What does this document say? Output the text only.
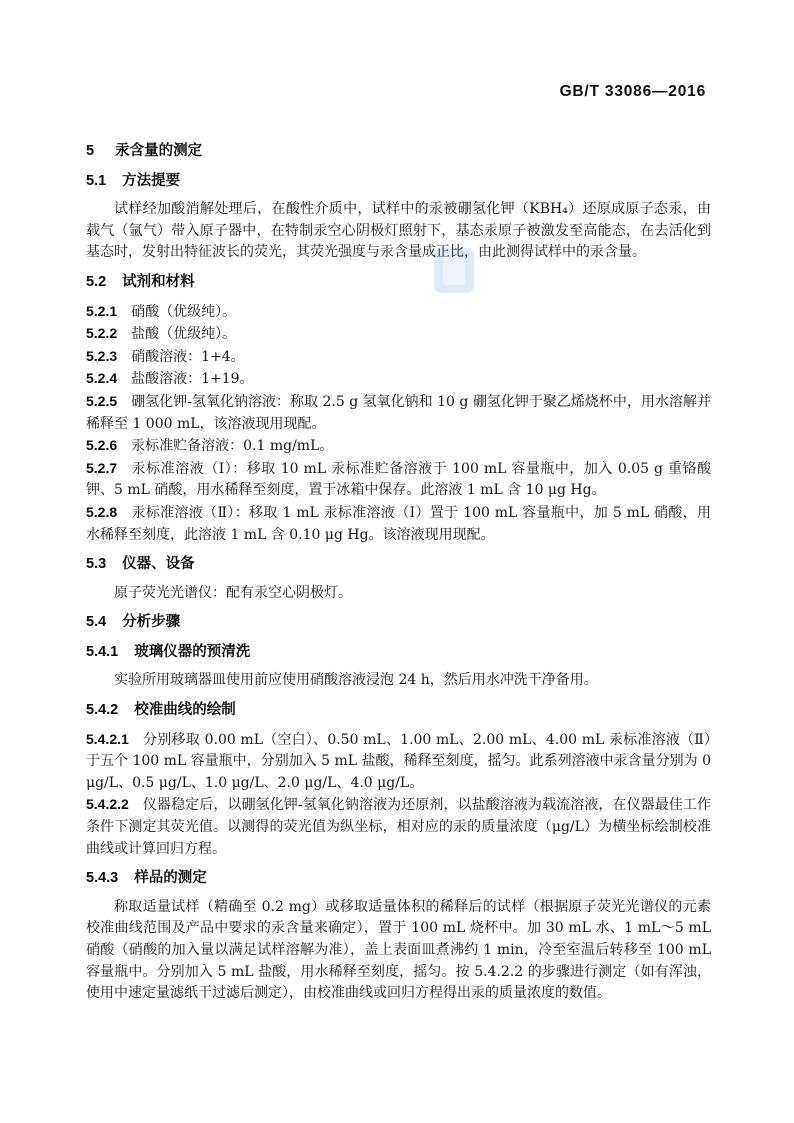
GB/T 33086—2016

5 汞含量的测定

5.1 方法提要

试样经加酸消解处理后，在酸性介质中，试样中的汞被硼氢化钾（KBH₄）还原成原子态汞，由载气（氩气）带入原子器中，在特制汞空心阴极灯照射下，基态汞原子被激发至高能态，在去活化到基态时，发射出特征波长的荧光，其荧光强度与汞含量成正比，由此测得试样中的汞含量。

5.2 试剂和材料

5.2.1 硝酸（优级纯）。

5.2.2 盐酸（优级纯）。

5.2.3 硝酸溶液：1+4。

5.2.4 盐酸溶液：1+19。

5.2.5 硼氢化钾-氢氧化钠溶液：称取 2.5 g 氢氧化钠和 10 g 硼氢化钾于聚乙烯烧杯中，用水溶解并稀释至 1 000 mL，该溶液现用现配。

5.2.6 汞标准贮备溶液：0.1 mg/mL。

5.2.7 汞标准溶液（Ⅰ）：移取 10 mL 汞标准贮备溶液于 100 mL 容量瓶中，加入 0.05 g 重铬酸钾、5 mL 硝酸，用水稀释至刻度，置于冰箱中保存。此溶液 1 mL 含 10 μg Hg。

5.2.8 汞标准溶液（Ⅱ）：移取 1 mL 汞标准溶液（Ⅰ）置于 100 mL 容量瓶中，加 5 mL 硝酸，用水稀释至刻度，此溶液 1 mL 含 0.10 μg Hg。该溶液现用现配。

5.3 仪器、设备

原子荧光光谱仪：配有汞空心阴极灯。

5.4 分析步骤

5.4.1 玻璃仪器的预清洗

实验所用玻璃器皿使用前应使用硝酸溶液浸泡 24 h，然后用水冲洗干净备用。

5.4.2 校准曲线的绘制

5.4.2.1 分别移取 0.00 mL（空白）、0.50 mL、1.00 mL、2.00 mL、4.00 mL 汞标准溶液（Ⅱ）于五个 100 mL 容量瓶中，分别加入 5 mL 盐酸，稀释至刻度，摇匀。此系列溶液中汞含量分别为 0 μg/L、0.5 μg/L、1.0 μg/L、2.0 μg/L、4.0 μg/L。

5.4.2.2 仪器稳定后，以硼氢化钾-氢氧化钠溶液为还原剂，以盐酸溶液为载流溶液，在仪器最佳工作条件下测定其荧光值。以测得的荧光值为纵坐标，相对应的汞的质量浓度（μg/L）为横坐标绘制校准曲线或计算回归方程。

5.4.3 样品的测定

称取适量试样（精确至 0.2 mg）或移取适量体积的稀释后的试样（根据原子荧光光谱仪的元素校准曲线范围及产品中要求的汞含量来确定），置于 100 mL 烧杯中。加 30 mL 水、1 mL～5 mL 硝酸（硝酸的加入量以满足试样溶解为准），盖上表面皿煮沸约 1 min，冷至室温后转移至 100 mL 容量瓶中。分别加入 5 mL 盐酸，用水稀释至刻度，摇匀。按 5.4.2.2 的步骤进行测定（如有浑浊，使用中速定量滤纸干过滤后测定），由校准曲线或回归方程得出汞的质量浓度的数值。
